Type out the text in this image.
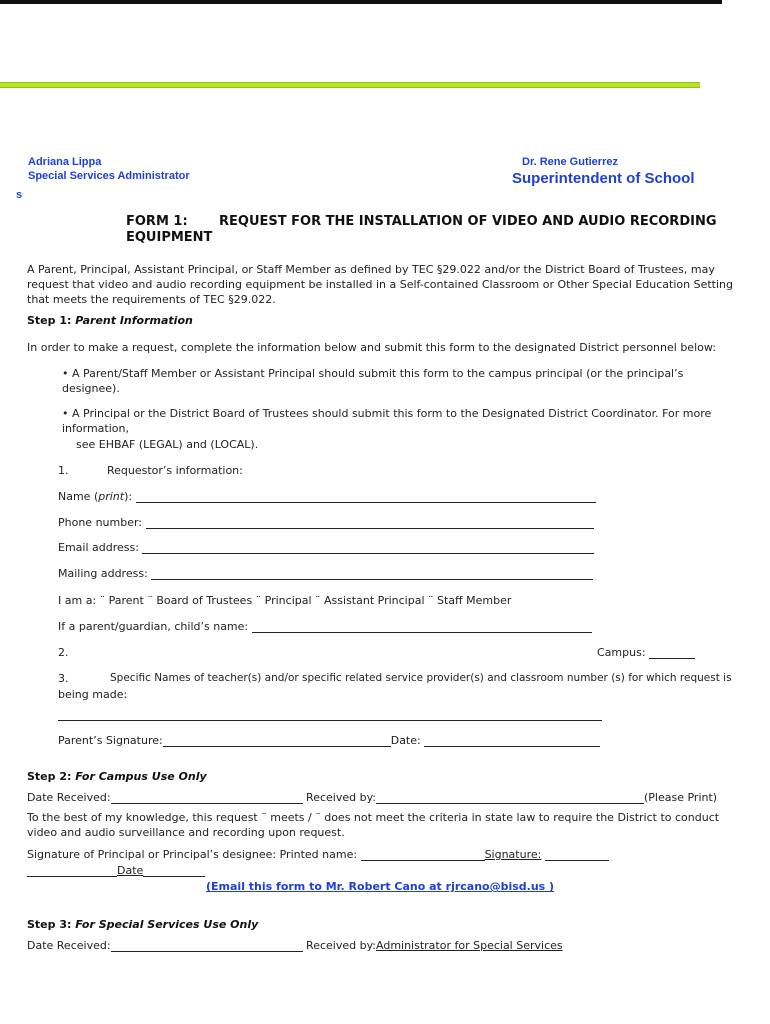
Adriana Lippa
Special Services Administrator
s
Dr. Rene Gutierrez
Superintendent of School
FORM 1: REQUEST FOR THE INSTALLATION OF VIDEO AND AUDIO RECORDING
EQUIPMENT
A Parent, Principal, Assistant Principal, or Staff Member as defined by TEC §29.022 and/or the District Board of Trustees, may request that video and audio recording equipment be installed in a Self-contained Classroom or Other Special Education Setting that meets the requirements of TEC §29.022.
Step 1: Parent Information
In order to make a request, complete the information below and submit this form to the designated District personnel below:
• A Parent/Staff Member or Assistant Principal should submit this form to the campus principal (or the principal’s designee).
• A Principal or the District Board of Trustees should submit this form to the Designated District Coordinator. For more information,
see EHBAF (LEGAL) and (LOCAL).
1.	Requestor’s information:
Name (print):
Phone number:
Email address:
Mailing address:
I am a: ¨ Parent ¨ Board of Trustees ¨ Principal ¨ Assistant Principal ¨ Staff Member
If a parent/guardian, child’s name:
2.	Campus:
3.	Specific Names of teacher(s) and/or specific related service provider(s) and classroom number (s) for which request is
being made:
Parent’s Signature:	Date:
Step 2: For Campus Use Only
Date Received:	Received by:	(Please Print)
To the best of my knowledge, this request ¨ meets / ¨ does not meet the criteria in state law to require the District to conduct video and audio surveillance and recording upon request.
Signature of Principal or Principal’s designee: Printed name:	Signature:
Date
(Email this form to Mr. Robert Cano at rjrcano@bisd.us )
Step 3: For Special Services Use Only
Date Received:	Received by:Administrator for Special Services
